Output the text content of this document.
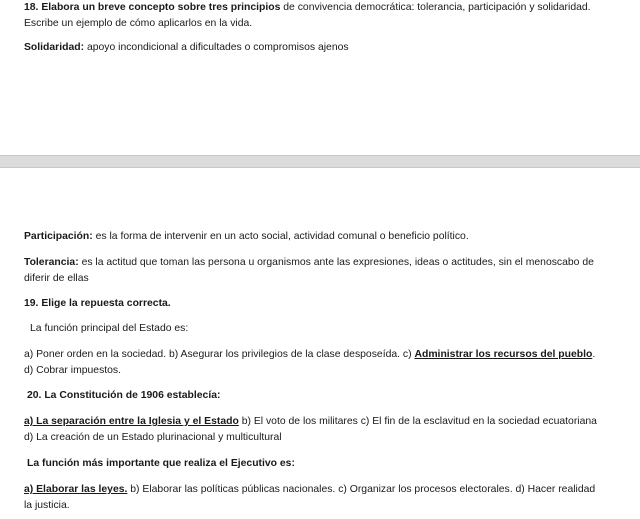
18. Elabora un breve concepto sobre tres principios de convivencia democrática: tolerancia, participación y solidaridad.
Escribe un ejemplo de cómo aplicarlos en la vida.
Solidaridad: apoyo incondicional a dificultades o compromisos ajenos
Participación: es la forma de intervenir en un acto social, actividad comunal o beneficio político.
Tolerancia: es la actitud que toman las persona u organismos ante las expresiones, ideas o actitudes, sin el menoscabo de
diferir de ellas
19. Elige la repuesta correcta.
La función principal del Estado es:
a) Poner orden en la sociedad. b) Asegurar los privilegios de la clase desposeída. c) Administrar los recursos del pueblo.
d) Cobrar impuestos.
20. La Constitución de 1906 establecía:
a) La separación entre la Iglesia y el Estado b) El voto de los militares c) El fin de la esclavitud en la sociedad ecuatoriana
d) La creación de un Estado plurinacional y multicultural
La función más importante que realiza el Ejecutivo es:
a) Elaborar las leyes. b) Elaborar las políticas públicas nacionales. c) Organizar los procesos electorales. d) Hacer realidad
la justicia.
